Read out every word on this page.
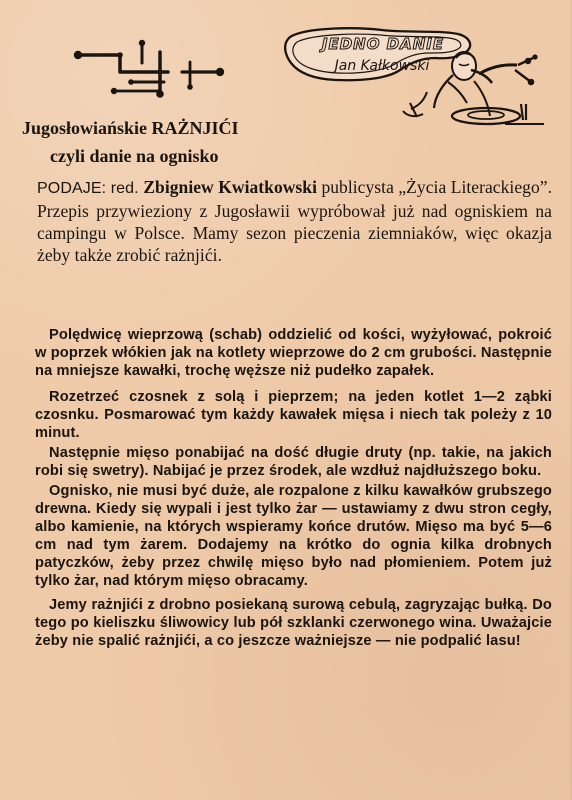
JEDNO DANIE
Jan Kałkowski
Jugosłowiańskie RAŻNJIĆI
czyli danie na ognisko

PODAJE: red. Zbigniew Kwiatkowski publicysta „Życia Literackiego”. Przepis przywieziony z Jugosławii wypróbował już nad ogniskiem na campingu w Polsce. Mamy sezon pieczenia ziemniaków, więc okazja żeby także zrobić rażnjići.

Polędwicę wieprzową (schab) oddzielić od kości, wyżyłować, pokroić w poprzek włókien jak na kotlety wieprzowe do 2 cm grubości. Następnie na mniejsze kawałki, trochę węższe niż pudełko zapałek.

Rozetrzeć czosnek z solą i pieprzem; na jeden kotlet 1—2 ząbki czosnku. Posmarować tym każdy kawałek mięsa i niech tak poleży z 10 minut.

Następnie mięso ponabijać na dość długie druty (np. takie, na jakich robi się swetry). Nabijać je przez środek, ale wzdłuż najdłuższego boku.

Ognisko, nie musi być duże, ale rozpalone z kilku kawałków grubszego drewna. Kiedy się wypali i jest tylko żar — ustawiamy z dwu stron cegły, albo kamienie, na których wspieramy końce drutów. Mięso ma być 5—6 cm nad tym żarem. Dodajemy na krótko do ognia kilka drobnych patyczków, żeby przez chwilę mięso było nad płomieniem. Potem już tylko żar, nad którym mięso obracamy.

Jemy rażnjići z drobno posiekaną surową cebulą, zagryzając bułką. Do tego po kieliszku śliwowicy lub pół szklanki czerwonego wina. Uważajcie żeby nie spalić rażnjići, a co jeszcze ważniejsze — nie podpalić lasu!
